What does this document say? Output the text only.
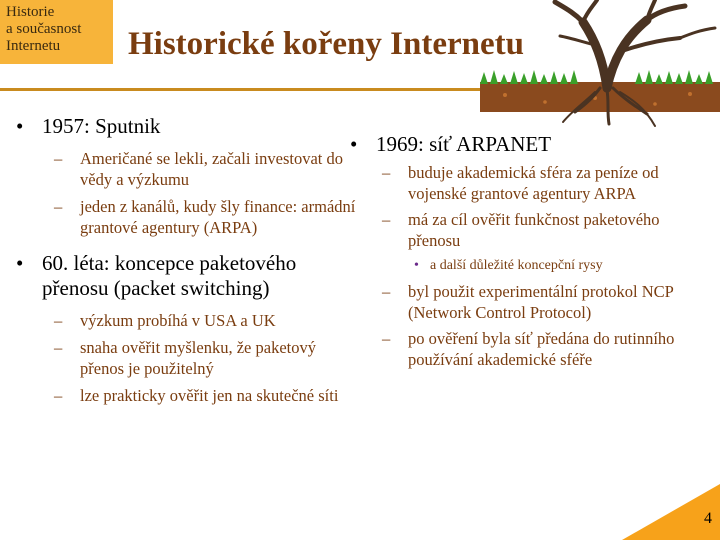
Historie
a současnost
Internetu	Historické kořeny Internetu
• 1957: Sputnik
– Američané se lekli, začali investovat do vědy a výzkumu
– jeden z kanálů, kudy šly finance: armádní grantové agentury (ARPA)
• 60. léta: koncepce paketového přenosu (packet switching)
– výzkum probíhá v USA a UK
– snaha ověřit myšlenku, že paketový přenos je použitelný
– lze prakticky ověřit jen na skutečné síti
• 1969: síť ARPANET
– buduje akademická sféra za peníze od vojenské grantové agentury ARPA
– má za cíl ověřit funkčnost paketového přenosu
• a další důležité koncepční rysy
– byl použit experimentální protokol NCP (Network Control Protocol)
– po ověření byla síť předána do rutinního používání akademické sféře
4
